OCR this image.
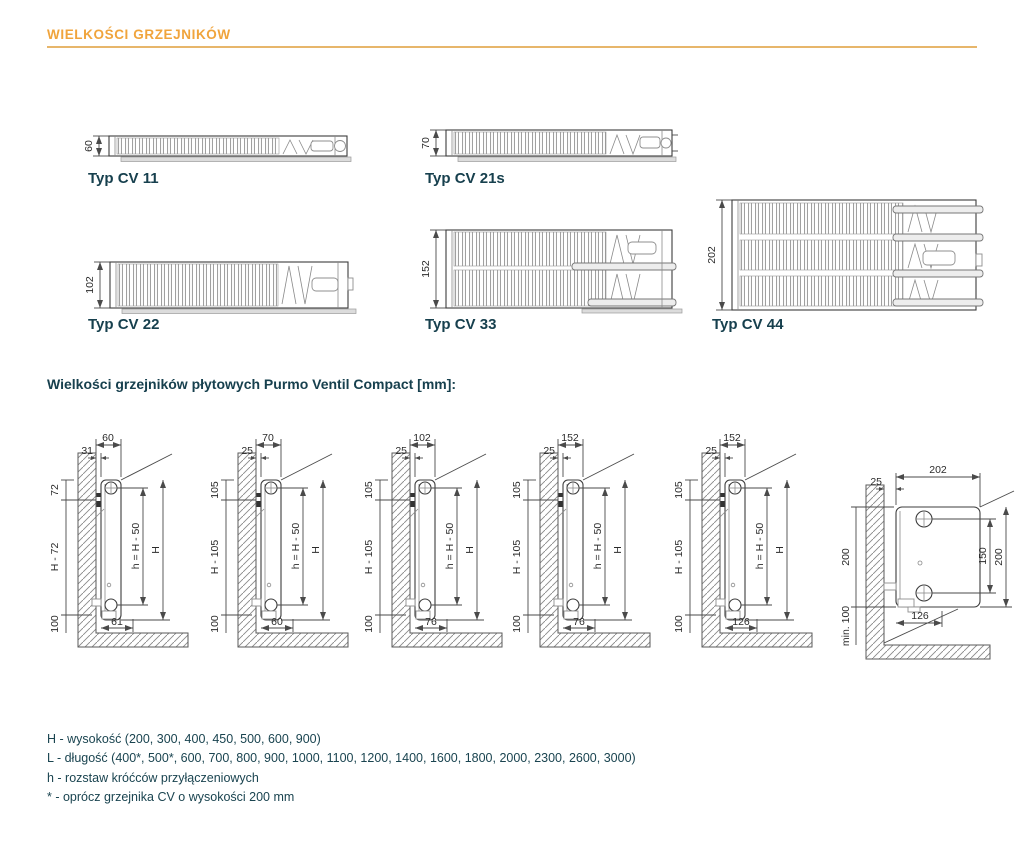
WIELKOŚCI GRZEJNIKÓW
60
Typ CV 11
70
Typ CV 21s
102
Typ CV 22
152
Typ CV 33
202
Typ CV 44
Wielkości grzejników płytowych Purmo Ventil Compact [mm]:
60
31
72
H - 72
100
h = H - 50 H
61
70
25
105
H - 105
100
h = H - 50 H
60
102
25
105
H - 105
100
h = H - 50 H
76
152
25
105
H - 105
100
h = H - 50 H
76
152
25
105
H - 105
100
h = H - 50 H
126
202
25
200
min. 100
150 200
126
H - wysokość (200, 300, 400, 450, 500, 600, 900)
L - długość (400*, 500*, 600, 700, 800, 900, 1000, 1100, 1200, 1400, 1600, 1800, 2000, 2300, 2600, 3000)
h - rozstaw króćców przyłączeniowych
* - oprócz grzejnika CV o wysokości 200 mm
